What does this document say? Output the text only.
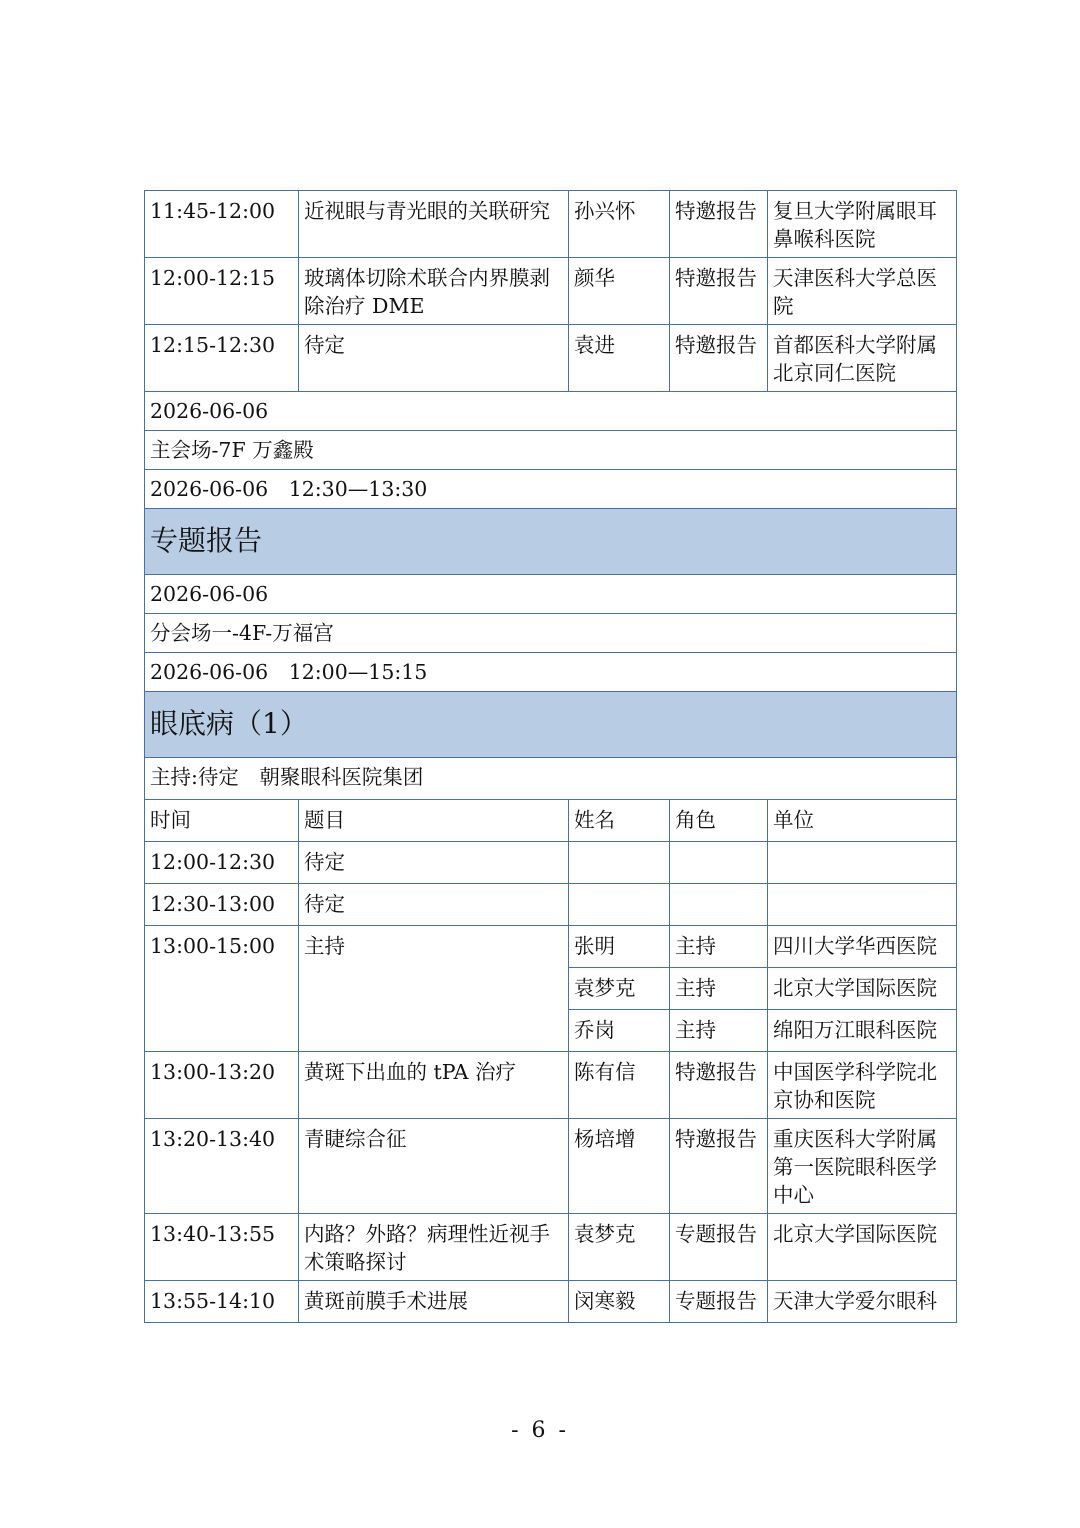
11:45-12:00	近视眼与青光眼的关联研究	孙兴怀	特邀报告	复旦大学附属眼耳鼻喉科医院
12:00-12:15	玻璃体切除术联合内界膜剥除治疗 DME	颜华	特邀报告	天津医科大学总医院
12:15-12:30	待定	袁进	特邀报告	首都医科大学附属北京同仁医院
2026-06-06				
主会场-7F 万鑫殿				
2026-06-06　12:30—13:30				
专题报告				
2026-06-06				
分会场一-4F-万福宫				
2026-06-06　12:00—15:15				
眼底病（1）				
主持:待定　朝聚眼科医院集团				
时间	题目	姓名	角色	单位
12:00-12:30	待定			
12:30-13:00	待定			
13:00-15:00	主持	张明	主持	四川大学华西医院
		袁梦克	主持	北京大学国际医院
		乔岗	主持	绵阳万江眼科医院
13:00-13:20	黄斑下出血的 tPA 治疗	陈有信	特邀报告	中国医学科学院北京协和医院
13:20-13:40	青睫综合征	杨培增	特邀报告	重庆医科大学附属第一医院眼科医学中心
13:40-13:55	内路？外路？病理性近视手术策略探讨	袁梦克	专题报告	北京大学国际医院
13:55-14:10	黄斑前膜手术进展	闵寒毅	专题报告	天津大学爱尔眼科
- 6 -
